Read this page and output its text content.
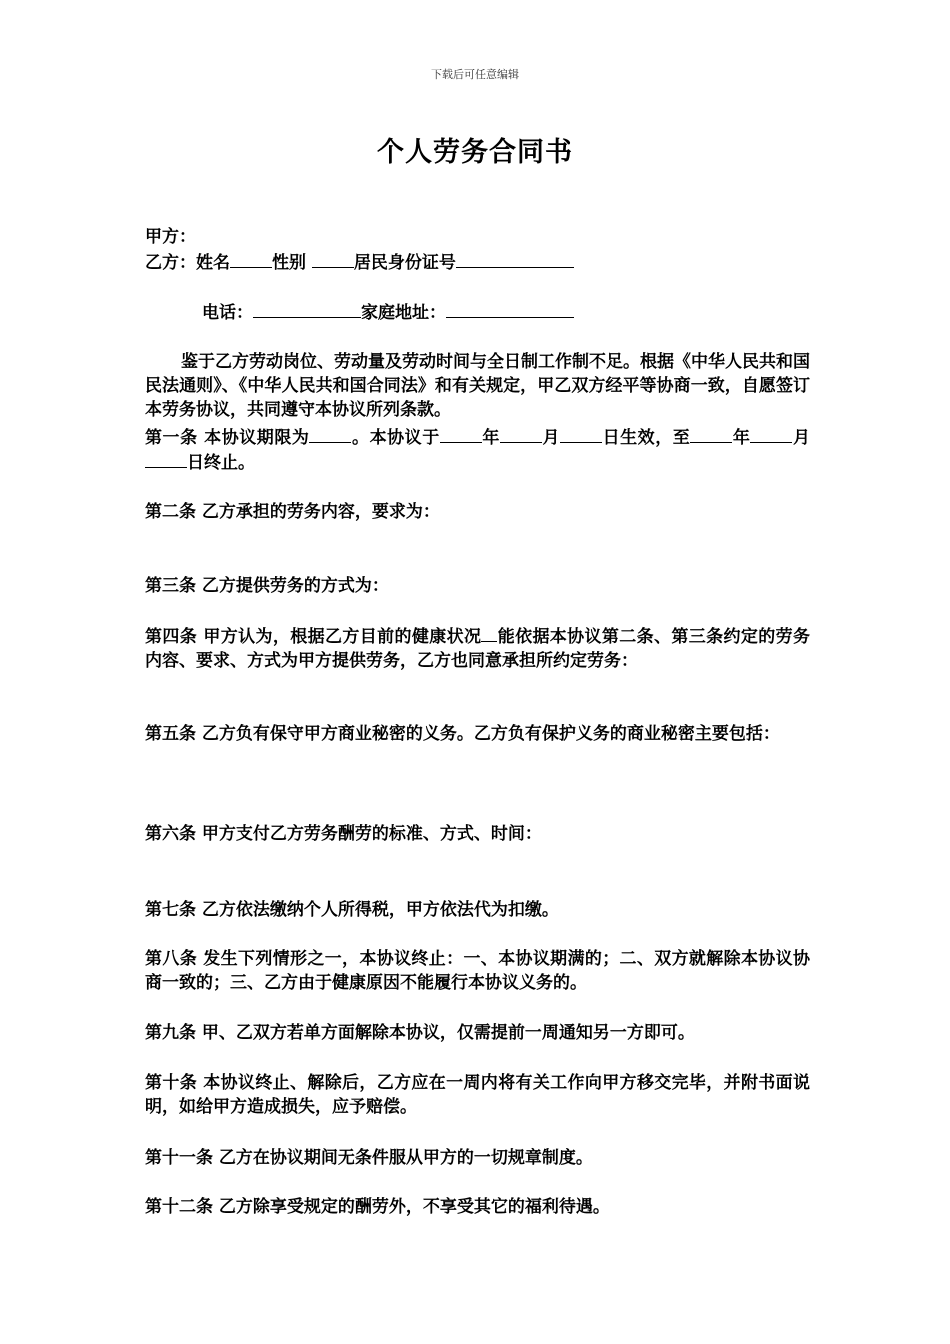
下载后可任意编辑
个人劳务合同书
甲方：
乙方：姓名 性别	居民身份证号
电话：	家庭地址：
鉴于乙方劳动岗位、劳动量及劳动时间与全日制工作制不足。根据《中华人民共和国民法通则》、《中华人民共和国合同法》和有关规定，甲乙双方经平等协商一致，自愿签订本劳务协议，共同遵守本协议所列条款。
第一条 本协议期限为 。本协议于 年 月 日生效，至 年 月日终止。
第二条 乙方承担的劳务内容，要求为：
第三条 乙方提供劳务的方式为：
第四条 甲方认为，根据乙方目前的健康状况 能依据本协议第二条、第三条约定的劳务内容、要求、方式为甲方提供劳务，乙方也同意承担所约定劳务：
第五条 乙方负有保守甲方商业秘密的义务。乙方负有保护义务的商业秘密主要包括：
第六条 甲方支付乙方劳务酬劳的标准、方式、时间：
第七条 乙方依法缴纳个人所得税，甲方依法代为扣缴。
第八条 发生下列情形之一，本协议终止：一、本协议期满的；二、双方就解除本协议协商一致的；三、乙方由于健康原因不能履行本协议义务的。
第九条 甲、乙双方若单方面解除本协议，仅需提前一周通知另一方即可。
第十条 本协议终止、解除后，乙方应在一周内将有关工作向甲方移交完毕，并附书面说明，如给甲方造成损失，应予赔偿。
第十一条 乙方在协议期间无条件服从甲方的一切规章制度。
第十二条 乙方除享受规定的酬劳外，不享受其它的福利待遇。
